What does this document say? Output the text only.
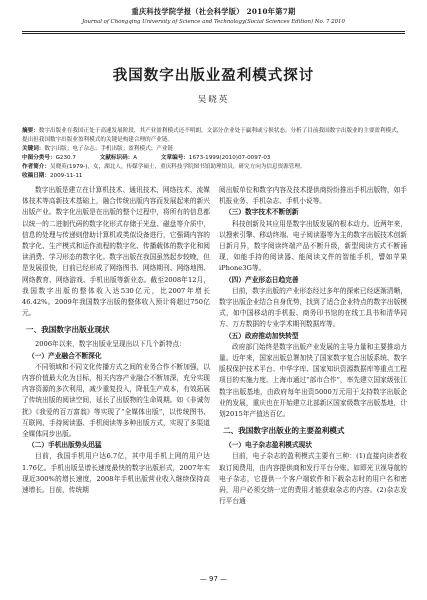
重庆科技学院学报（社会科学版） 2010年第7期
Journal of Chongqing University of Science and Technology(Social Sciences Edition) No. 7 2010
我国数字出版业盈利模式探讨
吴晓英
摘要：数字出版业在我国正处于高速发展阶段，其产业盈利模式还不明朗，文部分企业处于赢利或亏损状态。分析了目前我国数字出版业的主要盈利模式，提出但我国数字出版业盈利模式的关键是构建合理的产业链。
关键词：数字出版；电子杂志；手机出版；盈利模式；产业链
中图分类号：G230.7	文献标识码：A	文章编号：1673-1999(2010)07-0097-03
作者简介：吴晓英(1979-)，女，湖北人，传媒学硕士，重庆科技学院图书馆助理馆员，研究方向为信息资源管理。
收稿日期：2009-11-11

数字出版是建立在计算机技术、通讯技术、网络技术、流媒体技术等高新技术基础上，融合传统出版内容而发展起来的新兴出版产业。数字化出版是在出版的整个过程中，将所有的信息都以统一的二进制代码的数字化形式存储于光盘、磁盘等介质中，信息的处理与传递则借助计算机或类似设备进行，它强调内容的数字化、生产模式和运作流程的数字化、传播载体的数字化和阅读消费、学习形态的数字化。数字出版在我国虽然起步较晚，但是发展很快，目前已经形成了网络图书、网络期刊、网络地图、网络教育、网络游戏、手机出版等新业态。截至2008年12月，我国数字出版的整体收入达530亿元，比2007年增长46.42%。2009年我国数字出版的整体收入预计将超过750亿元。

一、我国数字出版业现状

2006年以来，数字出版业呈现出以下几个新特点：

（一）产业融合不断深化

不同领域和不同文化传播方式之间的业务合作不断加强，以内容价值最大化为目标，相关内容产业融合不断加深，充分实现内容资源的多次利用，减少重复投入，降低生产成本，有效拓展了传统出版的阅读空间，延长了出版物的生命周期。如《非诚勿扰》《我爱的百万富翁》等实现了“全媒体出版”，以传统图书、互联网、手持阅读器、手机阅读等多种出版方式，实现了多渠道全媒体同步出版。

（二）手机出版势头迅猛

目前，我国手机用户达6.7亿，其中用手机上网的用户达1.76亿。手机出版呈增长速度最快的数字出版形式，2007年实现近300%的增长速度，2008年手机出版营业收入继续保持高速增长。目前，传统期

阅出版单位和数字内容及技术提供商纷纷推出手机出版物，如手机报业务、手机杂志、手机小说等。

（三）数字技术不断创新

科技创新及其应用是数字出版发展的根本动力。近两年来，以搜索引擎、移动终端、电子阅读器等为主的数字出版技术创新日新月异，数字阅读终端产品不断升级，新型阅读方式不断涌现，如能手持的阅读器、能阅读文件的智能手机，譬如苹果iPhone3G等。

（四）产业形态日趋完善

目前，数字出版的产业形态经过多年的探索已经逐渐清晰，数字出版企业结合自身优势，找到了适合企业特点的数字出版模式，如中国移动的手机报、商务印书馆的在线工具书和清华同方、万方数据的专业学术期刊数据库等。

（五）政府推动加快转型

政府部门始终是数字出版产业发展的主导力量和主要推动力量。近年来，国家出版总署加快了国家数字复合出版系统、数字版权保护技术平台、中华字库、国家知识资源数据库等重点工程项目的实施力度。上海市通过“部市合作”，率先建立国家级张江数字出版基地，由政府每年出资5000万元用于支持数字出版企业的发展，重庆也在开始建立北部新区国家级数字出版基地，计划2015年产值达百亿。

二、我国数字出版业的主要盈利模式
（一）电子杂志盈利模式现状

目前，电子杂志的盈利模式主要有三种：(1)直接向读者收取订阅费用，由内容提供商和发行平台分账。如即光卫视导航的电子杂志，它提供一个客户端软件和下载杂志时的用户名和密码，用户必须交纳一定的费用才能获取杂志的内容。(2)杂志发行平台通

— 97 —
